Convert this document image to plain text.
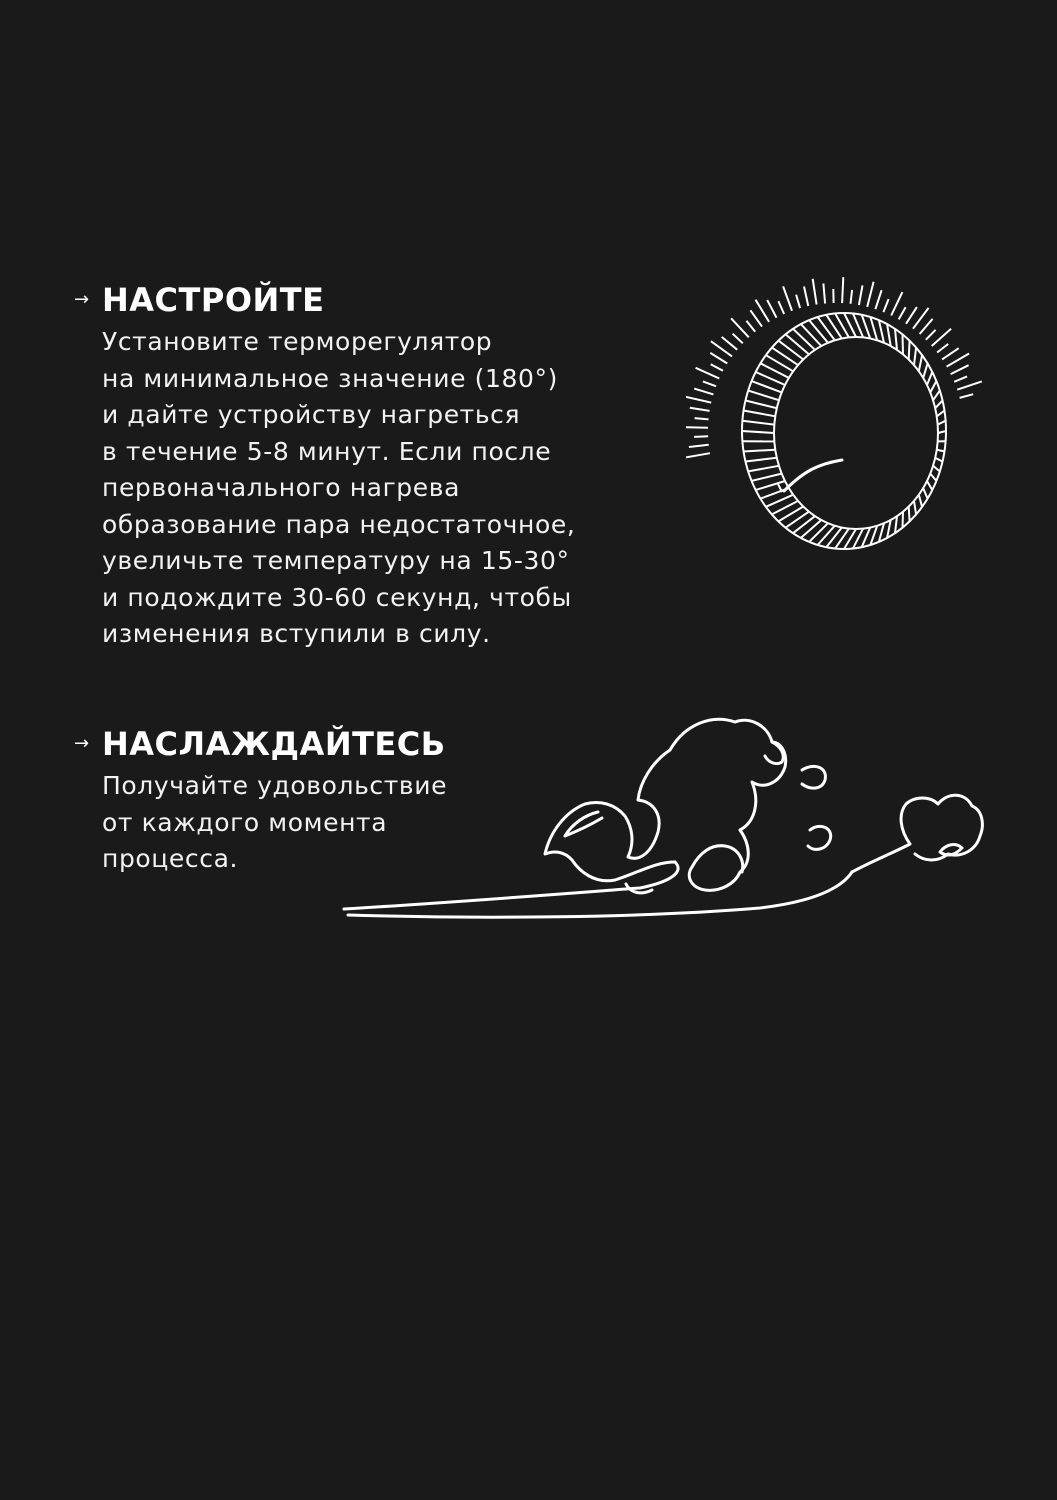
→ НАСТРОЙТЕ

Установите терморегулятор
на минимальное значение (180°)
и дайте устройству нагреться
в течение 5-8 минут. Если после
первоначального нагрева
образование пара недостаточное,
увеличьте температуру на 15-30°
и подождите 30-60 секунд, чтобы
изменения вступили в силу.

→ НАСЛАЖДАЙТЕСЬ

Получайте удовольствие
от каждого момента
процесса.
